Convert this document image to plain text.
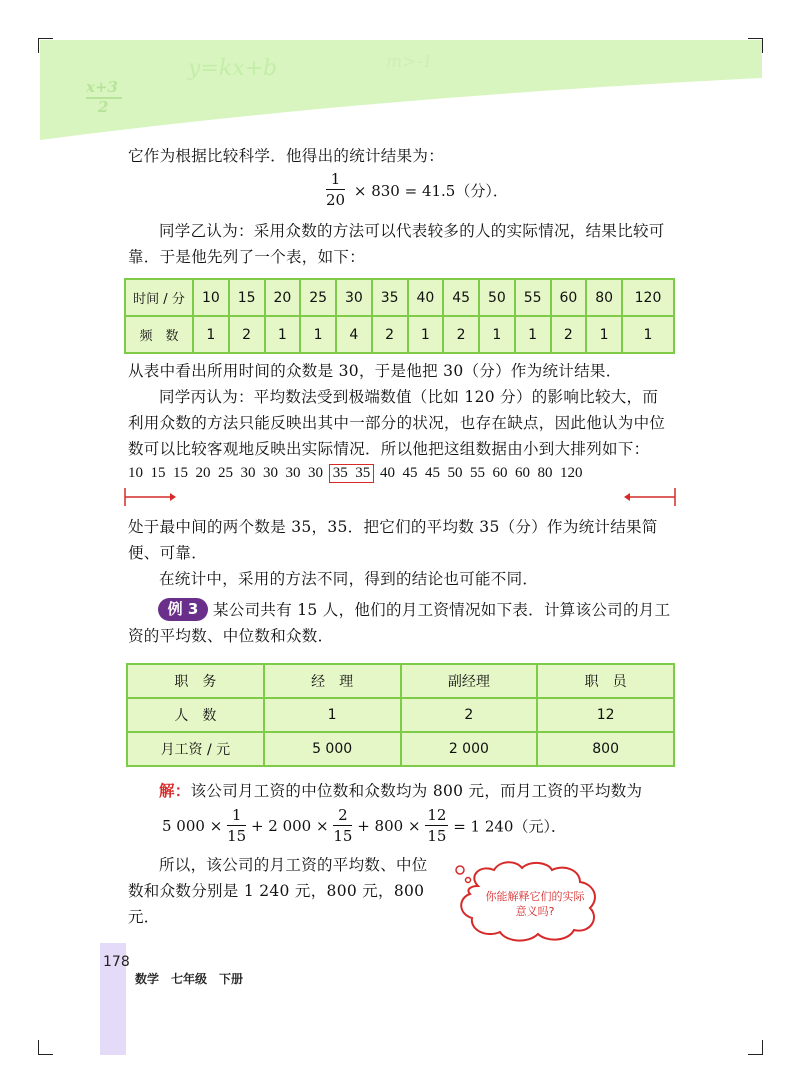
x+3
2
y=kx+b	m>-1
它作为根据比较科学．他得出的统计结果为：
$\frac{1}{20} \times 830 = 41.5$（分）．
同学乙认为：采用众数的方法可以代表较多的人的实际情况，结果比较可靠．于是他先列了一个表，如下：
时间 / 分	10	15	20	25	30	35	40	45	50	55	60	80	120
频　数	1	2	1	1	4	2	1	2	1	1	2	1	1
从表中看出所用时间的众数是 30，于是他把 30（分）作为统计结果．
同学丙认为：平均数法受到极端数值（比如 120 分）的影响比较大，而利用众数的方法只能反映出其中一部分的状况，也存在缺点，因此他认为中位数可以比较客观地反映出实际情况．所以他把这组数据由小到大排列如下：
10 15 15 20 25 30 30 30 30 35 35 40 45 45 50 55 60 60 80 120
处于最中间的两个数是 35，35．把它们的平均数 35（分）作为统计结果简便、可靠．
在统计中，采用的方法不同，得到的结论也可能不同．
例 3 某公司共有 15 人，他们的月工资情况如下表．计算该公司的月工资的平均数、中位数和众数．
职　务	经　理	副经理	职　员
人　数	1	2	12
月工资 / 元	5 000	2 000	800
解：该公司月工资的中位数和众数均为 800 元，而月工资的平均数为
5 $000 \times \frac{1}{15} + 2$ $000 \times \frac{2}{15} + 800 \times \frac{12}{15} = 1$ 240（元）．
所以，该公司的月工资的平均数、中位数和众数分别是 1 240 元，800 元，800 元．
你能解释它们的实际意义吗?
178
数学　七年级　下册
